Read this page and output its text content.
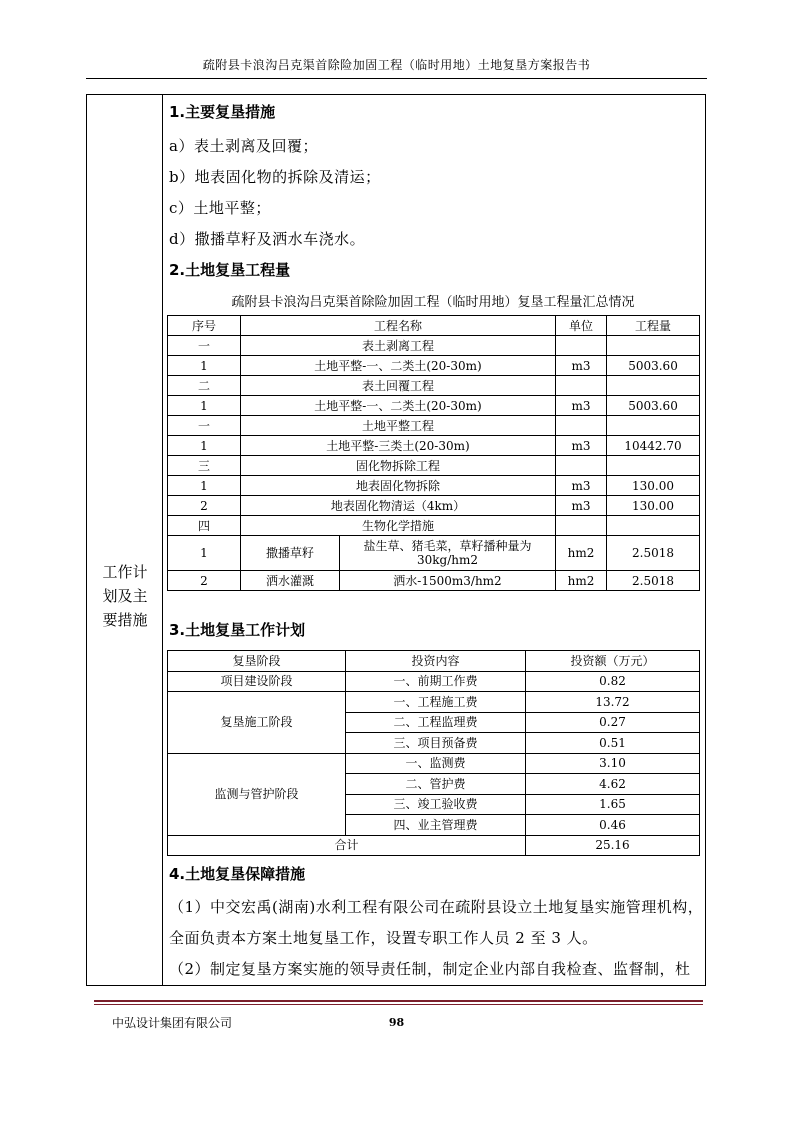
疏附县卡浪沟吕克渠首除险加固工程（临时用地）土地复垦方案报告书
工作计
划及主
要措施
1.主要复垦措施
a）表土剥离及回覆；
b）地表固化物的拆除及清运；
c）土地平整；
d）撒播草籽及洒水车浇水。
2.土地复垦工程量
疏附县卡浪沟吕克渠首除险加固工程（临时用地）复垦工程量汇总情况
序号	工程名称		单位	工程量
一	表土剥离工程			
1	土地平整-一、二类土(20-30m)		m3	5003.60
二	表土回覆工程			
1	土地平整-一、二类土(20-30m)		m3	5003.60
一	土地平整工程			
1	土地平整-三类土(20-30m)		m3	10442.70
三	固化物拆除工程			
1	地表固化物拆除		m3	130.00
2	地表固化物清运（4km）		m3	130.00
四	生物化学措施			
1	撒播草籽	盐生草、猪毛菜，草籽播种量为30kg/hm2	hm2	2.5018
2	洒水灌溉	洒水-1500m3/hm2	hm2	2.5018
3.土地复垦工作计划
复垦阶段	投资内容	投资额（万元）
项目建设阶段	一、前期工作费	0.82
复垦施工阶段	一、工程施工费	13.72
	二、工程监理费	0.27
	三、项目预备费	0.51
监测与管护阶段	一、监测费	3.10
	二、管护费	4.62
	三、竣工验收费	1.65
	四、业主管理费	0.46
合计		25.16
4.土地复垦保障措施
（1）中交宏禹(湖南)水利工程有限公司在疏附县设立土地复垦实施管理机构，
全面负责本方案土地复垦工作，设置专职工作人员 2 至 3 人。
（2）制定复垦方案实施的领导责任制，制定企业内部自我检查、监督制，杜
中弘设计集团有限公司	98
